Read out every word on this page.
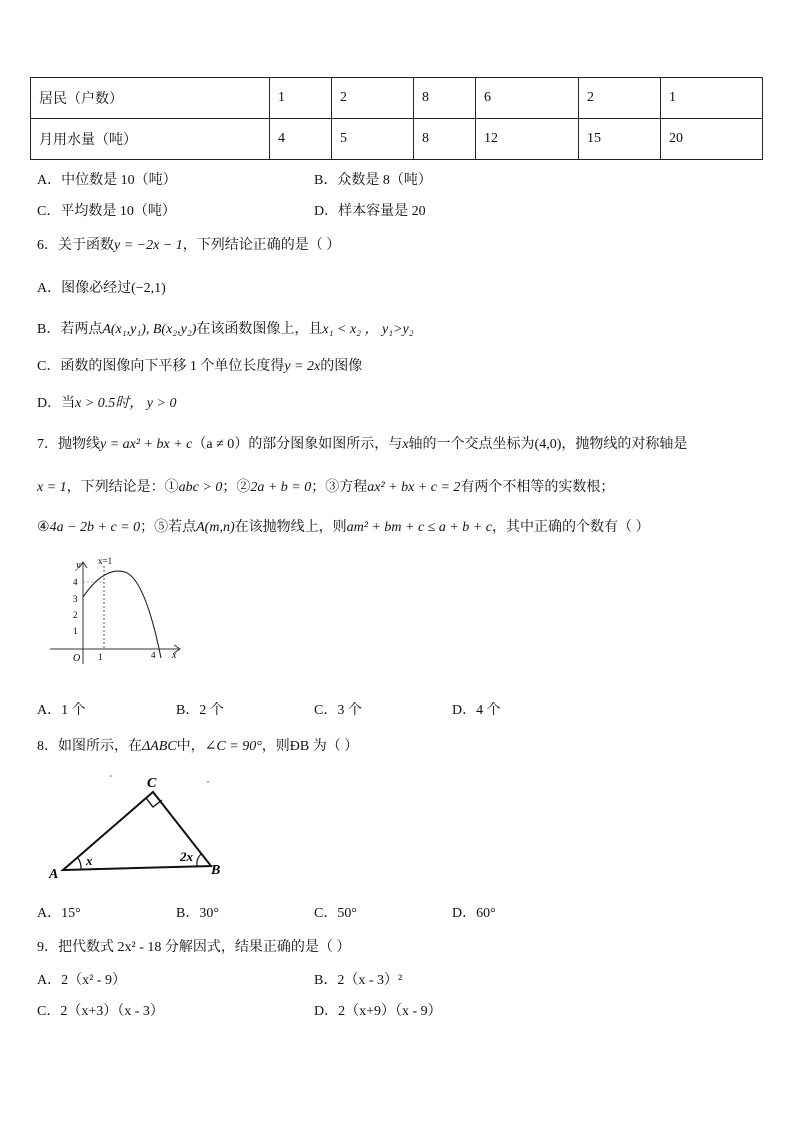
居民（户数）	1	2	8	6	2	1
月用水量（吨）	4	5	8	12	15	20
A．中位数是 10（吨）	B．众数是 8（吨）
C．平均数是 10（吨）	D．样本容量是 20
6．关于函数y = −2x − 1，下列结论正确的是（ ）
A．图像必经过(−2,1)
B．若两点A(x₁,y₁), B(x₂,y₂)在该函数图像上，且x₁ < x₂ ， y₁>y₂
C．函数的图像向下平移 1 个单位长度得y = 2x的图像
D．当x > 0.5时， y > 0
7．抛物线y = ax² + bx + c（a ≠ 0）的部分图象如图所示，与x轴的一个交点坐标为(4,0)，抛物线的对称轴是
x = 1，下列结论是：①abc > 0；②2a + b = 0；③方程ax² + bx + c = 2有两个不相等的实数根；
④4a − 2b + c = 0；⑤若点A(m,n)在该抛物线上，则am² + bm + c ≤ a + b + c，其中正确的个数有（ ）
y
x
x=1
4
3
2
1
O 1	4
A．1 个	B．2 个	C．3 个	D．4 个
8．如图所示，在ΔABC中，∠C = 90°，则ÐB 为（ ）
C
A	B
x	2x
A．15°	B．30°	C．50°	D．60°
9．把代数式 2x² - 18 分解因式，结果正确的是（ ）
A．2（x² - 9）	B．2（x - 3）²
C．2（x+3）（x - 3）	D．2（x+9）（x - 9）
